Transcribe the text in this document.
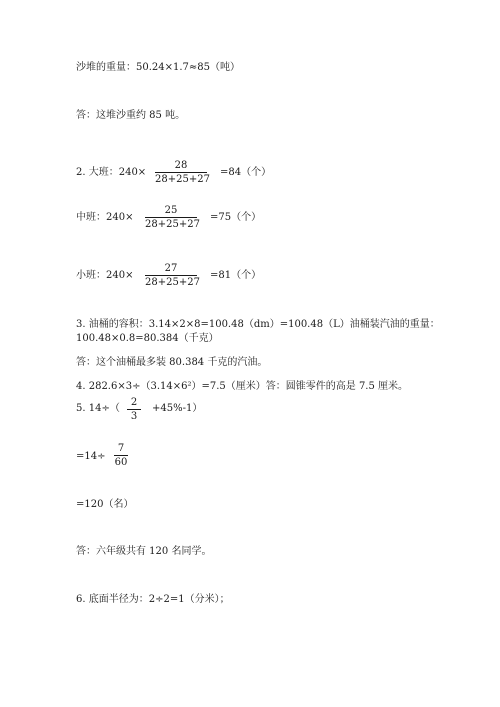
沙堆的重量：50.24×1.7≈85（吨）
答：这堆沙重约 85 吨。
2. 大班：240×
28
28+25+27
=84（个）
中班：240×
25
28+25+27
=75（个）
小班：240×
27
28+25+27
=81（个）
3. 油桶的容积：3.14×2×8=100.48（dm）=100.48（L）油桶装汽油的重量：
100.48×0.8=80.384（千克）
答：这个油桶最多装 80.384 千克的汽油。
4. 282.6×3÷（3.14×6²）=7.5（厘米）答：圆锥零件的高是 7.5 厘米。
5. 14÷（
2
3
+45%-1）
=14÷
7
60
=120（名）
答：六年级共有 120 名同学。
6. 底面半径为：2÷2=1（分米）；
